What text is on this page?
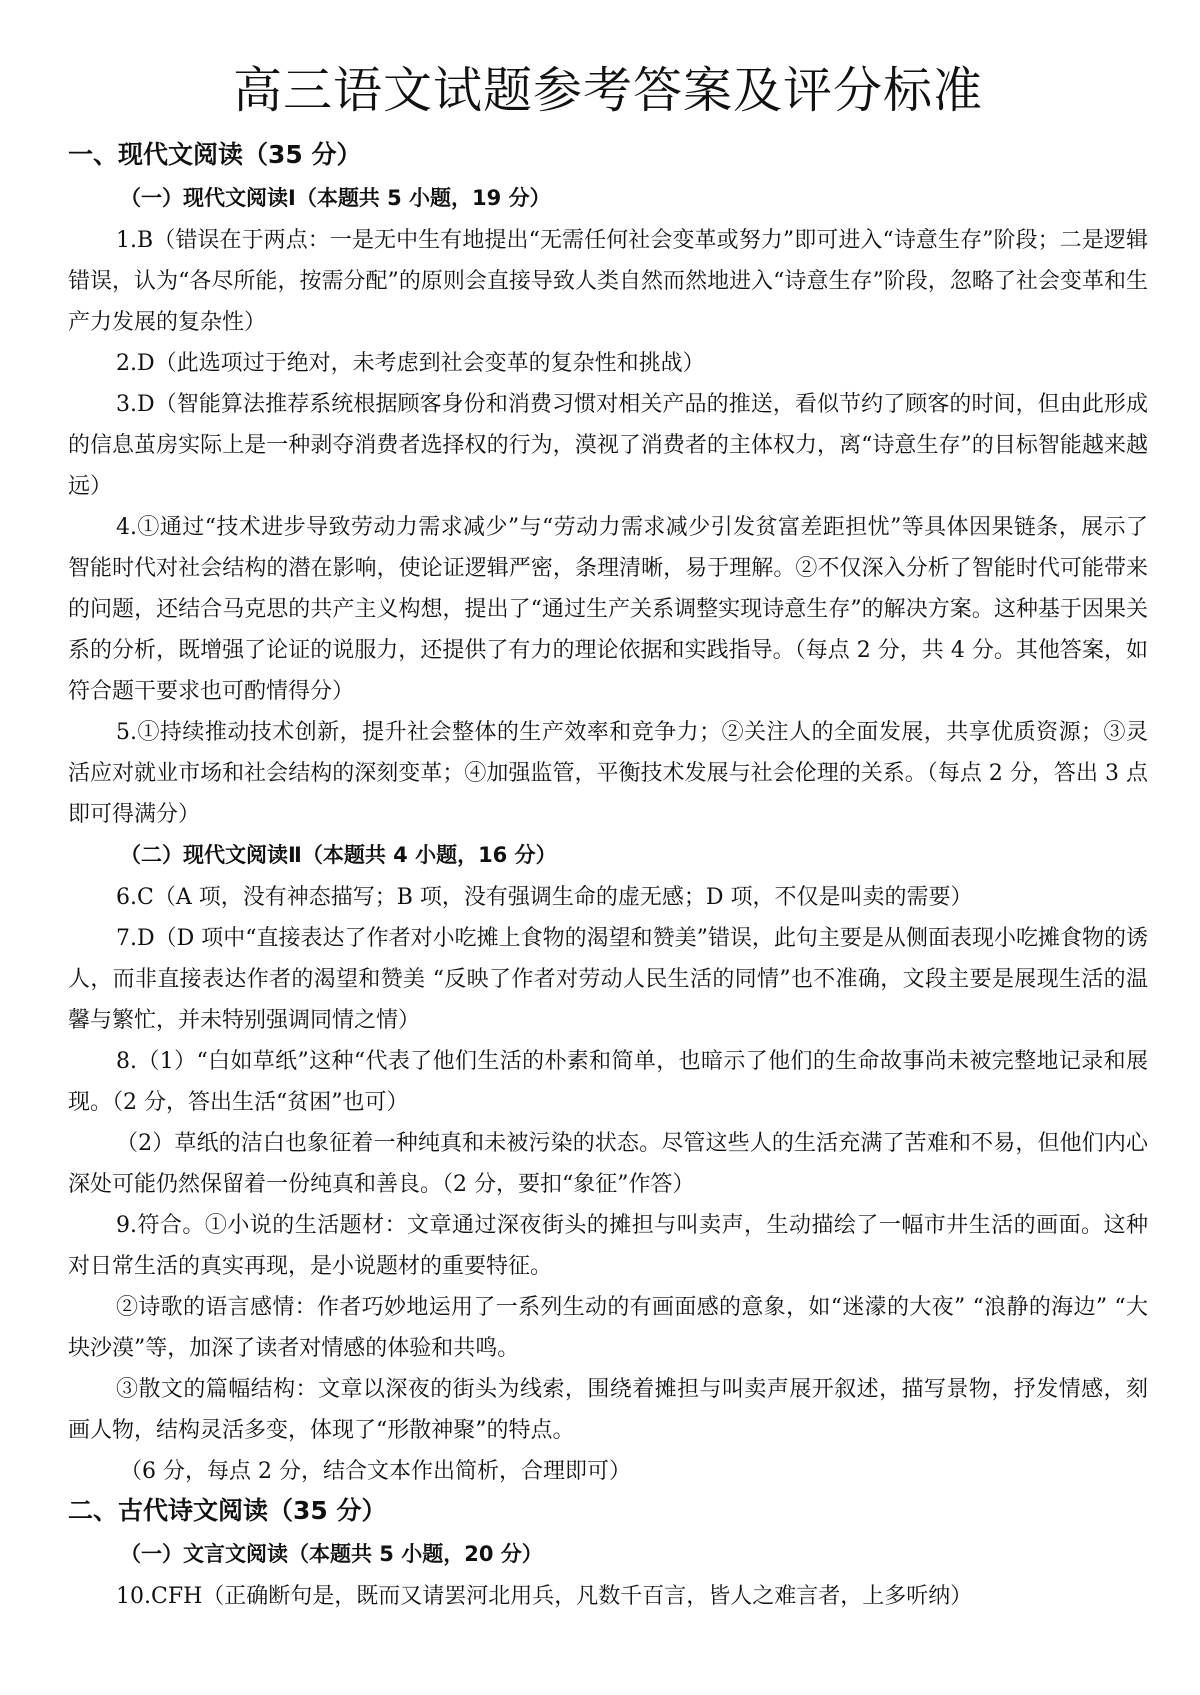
高三语文试题参考答案及评分标准
一、现代文阅读（35 分）
（一）现代文阅读Ⅰ（本题共 5 小题，19 分）

1.B（错误在于两点：一是无中生有地提出“无需任何社会变革或努力”即可进入“诗意生存”阶段；二是逻辑错误，认为“各尽所能，按需分配”的原则会直接导致人类自然而然地进入“诗意生存”阶段，忽略了社会变革和生产力发展的复杂性）

2.D（此选项过于绝对，未考虑到社会变革的复杂性和挑战）

3.D（智能算法推荐系统根据顾客身份和消费习惯对相关产品的推送，看似节约了顾客的时间，但由此形成的信息茧房实际上是一种剥夺消费者选择权的行为，漠视了消费者的主体权力，离“诗意生存”的目标智能越来越远）

4.①通过“技术进步导致劳动力需求减少”与“劳动力需求减少引发贫富差距担忧”等具体因果链条，展示了智能时代对社会结构的潜在影响，使论证逻辑严密，条理清晰，易于理解。②不仅深入分析了智能时代可能带来的问题，还结合马克思的共产主义构想，提出了“通过生产关系调整实现诗意生存”的解决方案。这种基于因果关系的分析，既增强了论证的说服力，还提供了有力的理论依据和实践指导。（每点 2 分，共 4 分。其他答案，如符合题干要求也可酌情得分）

5.①持续推动技术创新，提升社会整体的生产效率和竞争力；②关注人的全面发展，共享优质资源；③灵活应对就业市场和社会结构的深刻变革；④加强监管，平衡技术发展与社会伦理的关系。（每点 2 分，答出 3 点即可得满分）

（二）现代文阅读Ⅱ（本题共 4 小题，16 分）

6.C（A 项，没有神态描写；B 项，没有强调生命的虚无感；D 项，不仅是叫卖的需要）

7.D（D 项中“直接表达了作者对小吃摊上食物的渴望和赞美”错误，此句主要是从侧面表现小吃摊食物的诱人，而非直接表达作者的渴望和赞美 “反映了作者对劳动人民生活的同情”也不准确，文段主要是展现生活的温馨与繁忙，并未特别强调同情之情）

8.（1）“白如草纸”这种“代表了他们生活的朴素和简单，也暗示了他们的生命故事尚未被完整地记录和展现。（2 分，答出生活“贫困”也可）

（2）草纸的洁白也象征着一种纯真和未被污染的状态。尽管这些人的生活充满了苦难和不易，但他们内心深处可能仍然保留着一份纯真和善良。（2 分，要扣“象征”作答）

9.符合。①小说的生活题材：文章通过深夜街头的摊担与叫卖声，生动描绘了一幅市井生活的画面。这种对日常生活的真实再现，是小说题材的重要特征。

②诗歌的语言感情：作者巧妙地运用了一系列生动的有画面感的意象，如“迷濛的大夜” “浪静的海边” “大块沙漠”等，加深了读者对情感的体验和共鸣。

③散文的篇幅结构：文章以深夜的街头为线索，围绕着摊担与叫卖声展开叙述，描写景物，抒发情感，刻画人物，结构灵活多变，体现了“形散神聚”的特点。

（6 分，每点 2 分，结合文本作出简析，合理即可）

二、古代诗文阅读（35 分）
（一）文言文阅读（本题共 5 小题，20 分）

10.CFH（正确断句是，既而又请罢河北用兵，凡数千百言，皆人之难言者，上多听纳）
